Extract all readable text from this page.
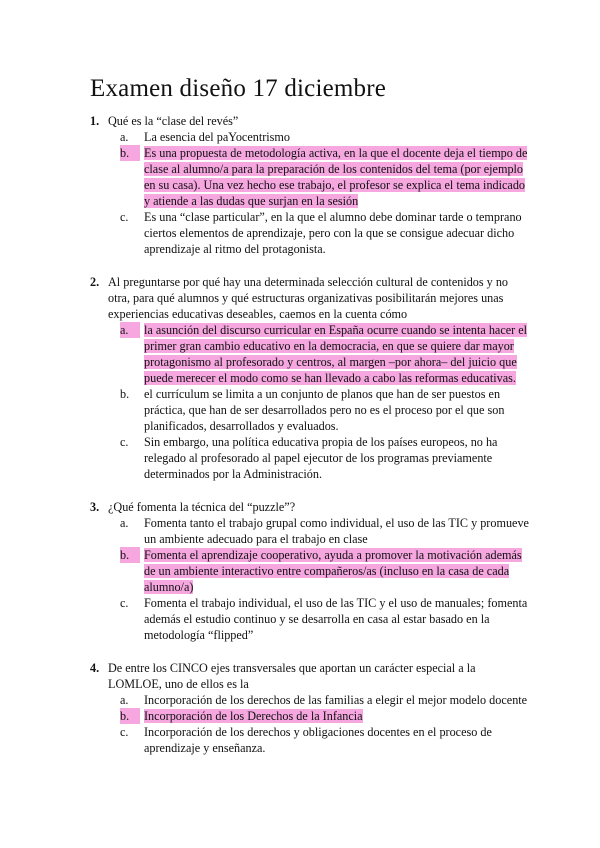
Examen diseño 17 diciembre
1. Qué es la “clase del revés”
a.	La esencia del paYocentrismo
b.	Es una propuesta de metodología activa, en la que el docente deja el tiempo de clase al alumno/a para la preparación de los contenidos del tema (por ejemplo en su casa). Una vez hecho ese trabajo, el profesor se explica el tema indicado y atiende a las dudas que surjan en la sesión
c.	Es una “clase particular”, en la que el alumno debe dominar tarde o temprano ciertos elementos de aprendizaje, pero con la que se consigue adecuar dicho aprendizaje al ritmo del protagonista.
2. Al preguntarse por qué hay una determinada selección cultural de contenidos y no otra, para qué alumnos y qué estructuras organizativas posibilitarán mejores unas experiencias educativas deseables, caemos en la cuenta cómo
a.	la asunción del discurso curricular en España ocurre cuando se intenta hacer el primer gran cambio educativo en la democracia, en que se quiere dar mayor protagonismo al profesorado y centros, al margen –por ahora– del juicio que puede merecer el modo como se han llevado a cabo las reformas educativas.
b.	el currículum se limita a un conjunto de planos que han de ser puestos en práctica, que han de ser desarrollados pero no es el proceso por el que son planificados, desarrollados y evaluados.
c.	Sin embargo, una política educativa propia de los países europeos, no ha relegado al profesorado al papel ejecutor de los programas previamente determinados por la Administración.
3. ¿Qué fomenta la técnica del “puzzle”?
a.	Fomenta tanto el trabajo grupal como individual, el uso de las TIC y promueve un ambiente adecuado para el trabajo en clase
b.	Fomenta el aprendizaje cooperativo, ayuda a promover la motivación además de un ambiente interactivo entre compañeros/as (incluso en la casa de cada alumno/a)
c.	Fomenta el trabajo individual, el uso de las TIC y el uso de manuales; fomenta además el estudio continuo y se desarrolla en casa al estar basado en la metodología “flipped”
4. De entre los CINCO ejes transversales que aportan un carácter especial a la LOMLOE, uno de ellos es la
a.	Incorporación de los derechos de las familias a elegir el mejor modelo docente
b.	Incorporación de los Derechos de la Infancia
c.	Incorporación de los derechos y obligaciones docentes en el proceso de aprendizaje y enseñanza.
